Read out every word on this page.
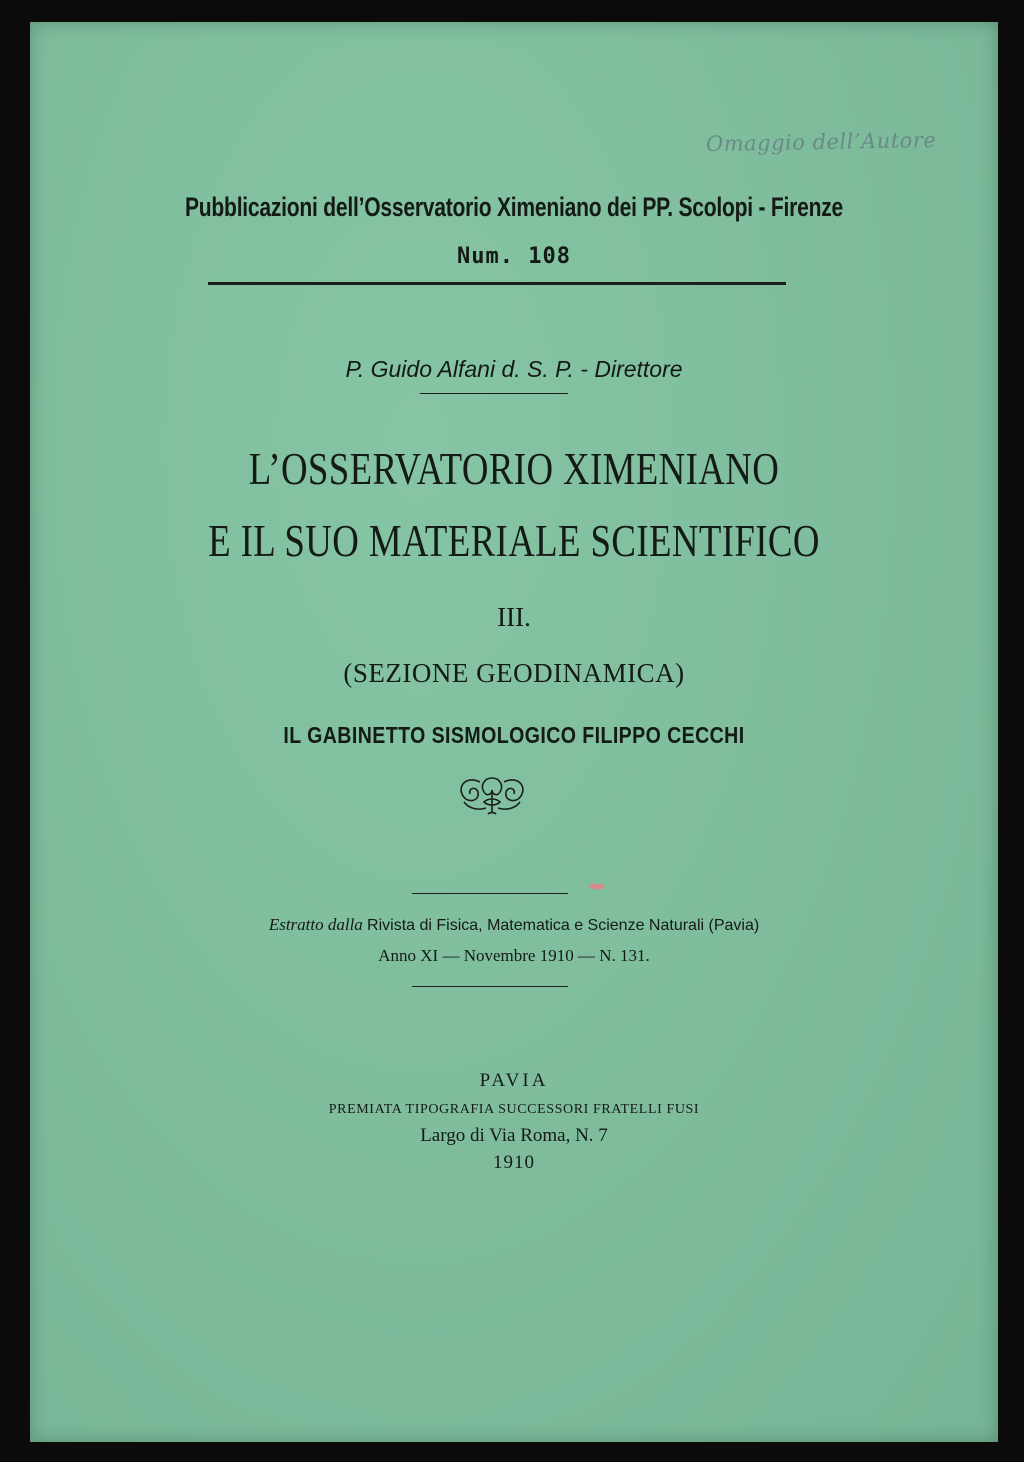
Omaggio dell’Autore
Pubblicazioni dell’Osservatorio Ximeniano dei PP. Scolopi - Firenze
Num. 108
P. Guido Alfani d. S. P. - Direttore
L’OSSERVATORIO XIMENIANO
E IL SUO MATERIALE SCIENTIFICO
III.
(SEZIONE GEODINAMICA)
IL GABINETTO SISMOLOGICO FILIPPO CECCHI
Estratto dalla Rivista di Fisica, Matematica e Scienze Naturali (Pavia)
Anno XI — Novembre 1910 — N. 131.
PAVIA
PREMIATA TIPOGRAFIA SUCCESSORI FRATELLI FUSI
Largo di Via Roma, N. 7
1910
